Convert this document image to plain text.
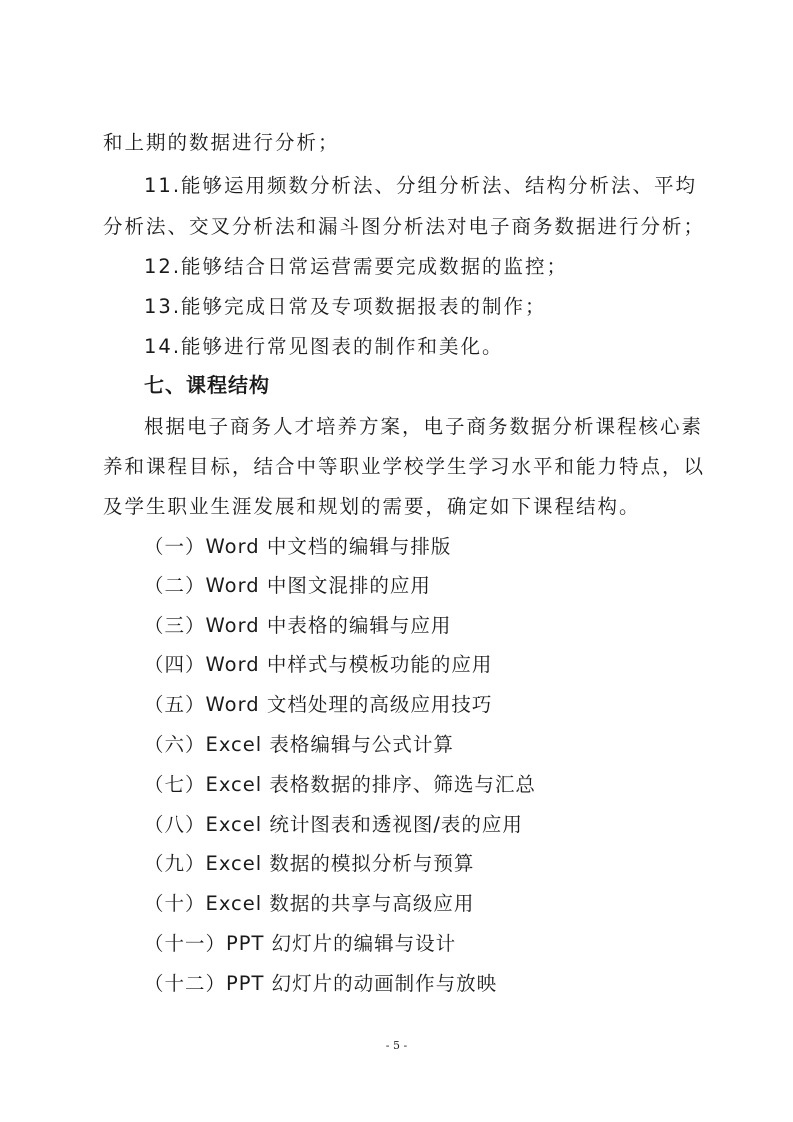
和上期的数据进行分析；
11.能够运用频数分析法、分组分析法、结构分析法、平均
分析法、交叉分析法和漏斗图分析法对电子商务数据进行分析；
12.能够结合日常运营需要完成数据的监控；
13.能够完成日常及专项数据报表的制作；
14.能够进行常见图表的制作和美化。
七、课程结构
根据电子商务人才培养方案，电子商务数据分析课程核心素
养和课程目标，结合中等职业学校学生学习水平和能力特点，以
及学生职业生涯发展和规划的需要，确定如下课程结构。
（一）Word 中文档的编辑与排版
（二）Word 中图文混排的应用
（三）Word 中表格的编辑与应用
（四）Word 中样式与模板功能的应用
（五）Word 文档处理的高级应用技巧
（六）Excel 表格编辑与公式计算
（七）Excel 表格数据的排序、筛选与汇总
（八）Excel 统计图表和透视图/表的应用
（九）Excel 数据的模拟分析与预算
（十）Excel 数据的共享与高级应用
（十一）PPT 幻灯片的编辑与设计
（十二）PPT 幻灯片的动画制作与放映
- 5 -
